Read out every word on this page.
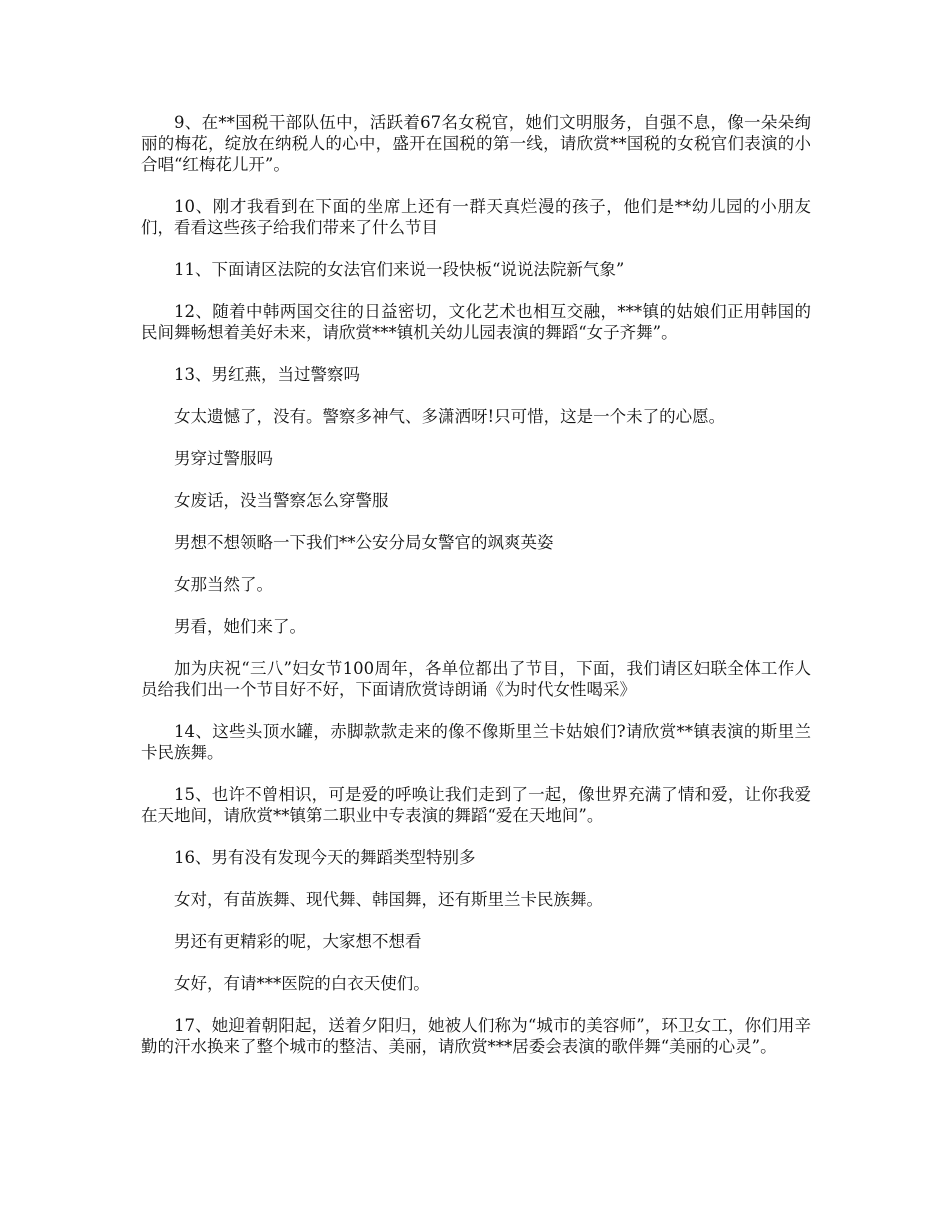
9、在**国税干部队伍中，活跃着67名女税官，她们文明服务，自强不息，像一朵朵绚丽的梅花，绽放在纳税人的心中，盛开在国税的第一线，请欣赏**国税的女税官们表演的小合唱“红梅花儿开”。

10、刚才我看到在下面的坐席上还有一群天真烂漫的孩子，他们是**幼儿园的小朋友们，看看这些孩子给我们带来了什么节目

11、下面请区法院的女法官们来说一段快板“说说法院新气象”

12、随着中韩两国交往的日益密切，文化艺术也相互交融，***镇的姑娘们正用韩国的民间舞畅想着美好未来，请欣赏***镇机关幼儿园表演的舞蹈“女子齐舞”。

13、男红燕，当过警察吗

女太遗憾了，没有。警察多神气、多潇洒呀!只可惜，这是一个未了的心愿。

男穿过警服吗

女废话，没当警察怎么穿警服

男想不想领略一下我们**公安分局女警官的飒爽英姿

女那当然了。

男看，她们来了。

加为庆祝“三八”妇女节100周年，各单位都出了节目，下面，我们请区妇联全体工作人员给我们出一个节目好不好，下面请欣赏诗朗诵《为时代女性喝采》

14、这些头顶水罐，赤脚款款走来的像不像斯里兰卡姑娘们?请欣赏**镇表演的斯里兰卡民族舞。

15、也许不曾相识，可是爱的呼唤让我们走到了一起，像世界充满了情和爱，让你我爱在天地间，请欣赏**镇第二职业中专表演的舞蹈“爱在天地间”。

16、男有没有发现今天的舞蹈类型特别多

女对，有苗族舞、现代舞、韩国舞，还有斯里兰卡民族舞。

男还有更精彩的呢，大家想不想看

女好，有请***医院的白衣天使们。

17、她迎着朝阳起，送着夕阳归，她被人们称为“城市的美容师”，环卫女工，你们用辛勤的汗水换来了整个城市的整洁、美丽，请欣赏***居委会表演的歌伴舞“美丽的心灵”。
